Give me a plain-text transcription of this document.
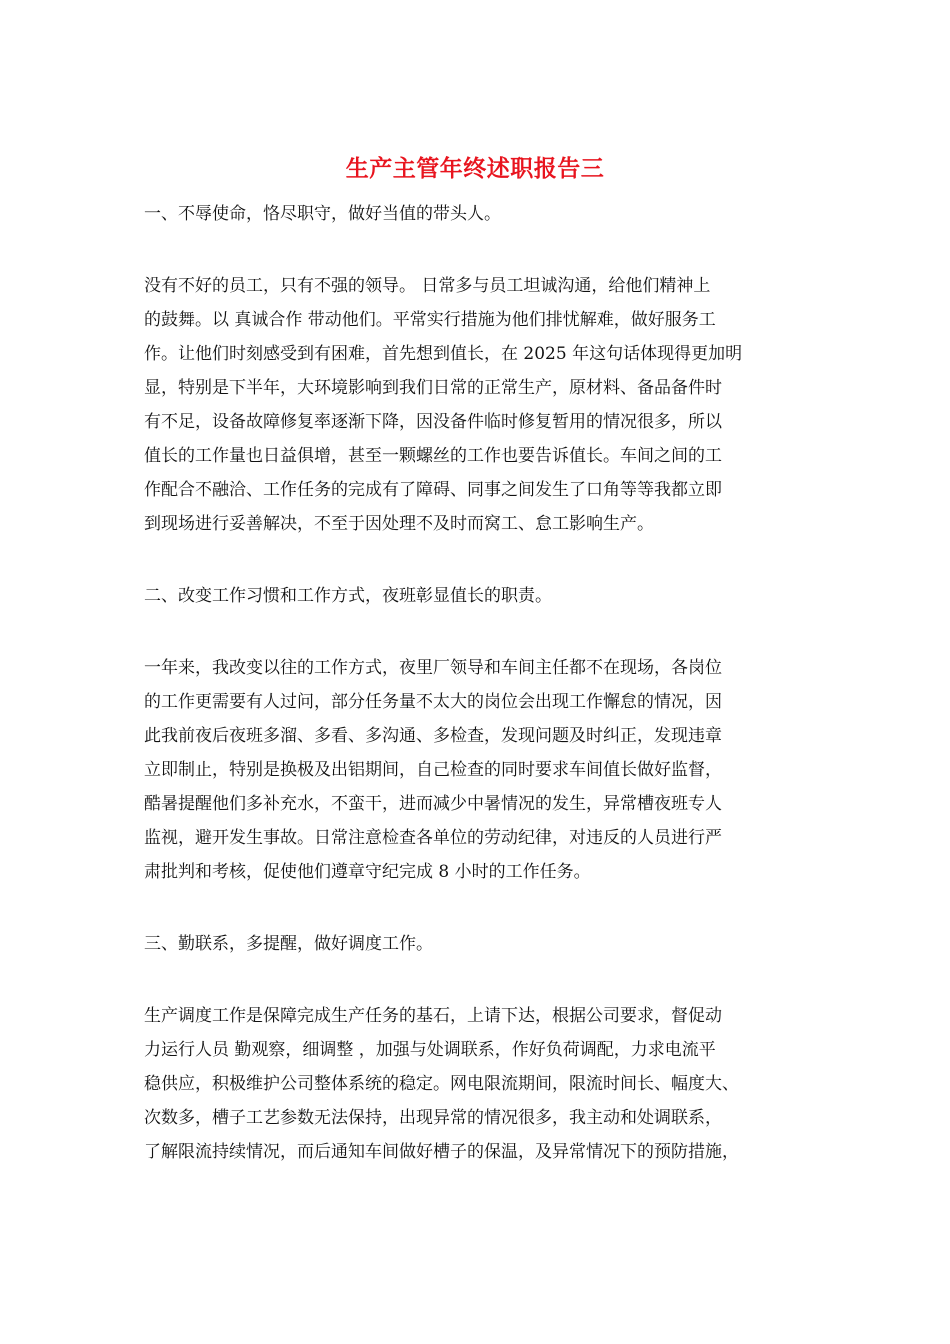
生产主管年终述职报告三
一、不辱使命，恪尽职守，做好当值的带头人。
没有不好的员工，只有不强的领导。 日常多与员工坦诚沟通，给他们精神上
的鼓舞。以 真诚合作 带动他们。平常实行措施为他们排忧解难，做好服务工
作。让他们时刻感受到有困难，首先想到值长，在 2025 年这句话体现得更加明
显，特别是下半年，大环境影响到我们日常的正常生产，原材料、备品备件时
有不足，设备故障修复率逐渐下降，因没备件临时修复暂用的情况很多，所以
值长的工作量也日益俱增，甚至一颗螺丝的工作也要告诉值长。车间之间的工
作配合不融洽、工作任务的完成有了障碍、同事之间发生了口角等等我都立即
到现场进行妥善解决，不至于因处理不及时而窝工、怠工影响生产。
二、改变工作习惯和工作方式，夜班彰显值长的职责。
一年来，我改变以往的工作方式，夜里厂领导和车间主任都不在现场，各岗位
的工作更需要有人过问，部分任务量不太大的岗位会出现工作懈怠的情况，因
此我前夜后夜班多溜、多看、多沟通、多检查，发现问题及时纠正，发现违章
立即制止，特别是换极及出铝期间，自己检查的同时要求车间值长做好监督，
酷暑提醒他们多补充水，不蛮干，进而减少中暑情况的发生，异常槽夜班专人
监视，避开发生事故。日常注意检查各单位的劳动纪律，对违反的人员进行严
肃批判和考核，促使他们遵章守纪完成 8 小时的工作任务。
三、勤联系，多提醒，做好调度工作。
生产调度工作是保障完成生产任务的基石，上请下达，根据公司要求，督促动
力运行人员 勤观察，细调整 ，加强与处调联系，作好负荷调配，力求电流平
稳供应，积极维护公司整体系统的稳定。网电限流期间，限流时间长、幅度大、
次数多，槽子工艺参数无法保持，出现异常的情况很多，我主动和处调联系，
了解限流持续情况，而后通知车间做好槽子的保温，及异常情况下的预防措施，
